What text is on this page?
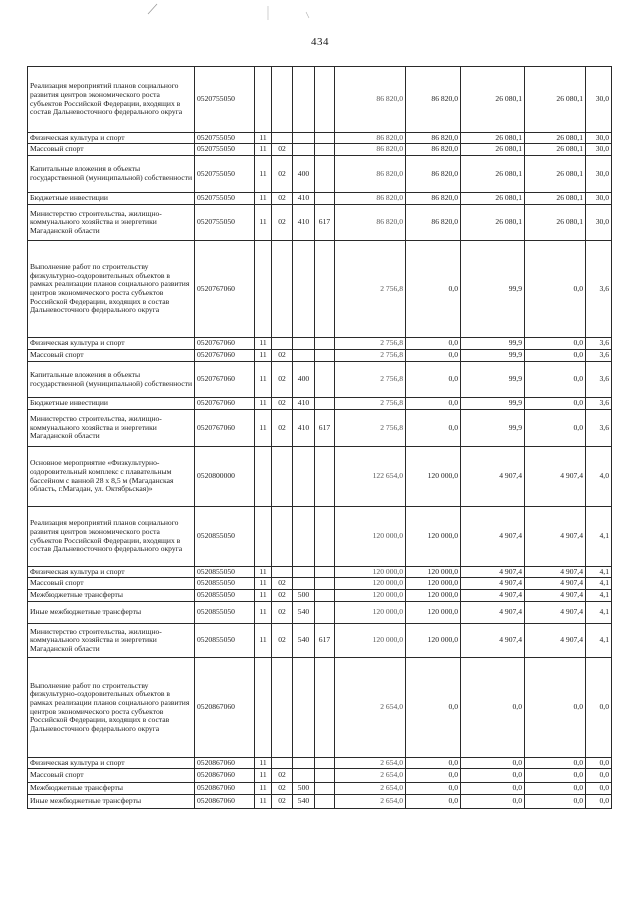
434
Реализация мероприятий планов социального развития центров экономического роста субъектов Российской Федерации, входящих в состав Дальневосточного федерального округа	0520755050					86 820,0	86 820,0	26 080,1	26 080,1	30,0
Физическая культура и спорт	0520755050	11				86 820,0	86 820,0	26 080,1	26 080,1	30,0
Массовый спорт	0520755050	11	02			86 820,0	86 820,0	26 080,1	26 080,1	30,0
Капитальные вложения в объекты государственной (муниципальной) собственности	0520755050	11	02	400		86 820,0	86 820,0	26 080,1	26 080,1	30,0
Бюджетные инвестиции	0520755050	11	02	410		86 820,0	86 820,0	26 080,1	26 080,1	30,0
Министерство строительства, жилищно-коммунального хозяйства и энергетики Магаданской области	0520755050	11	02	410	617	86 820,0	86 820,0	26 080,1	26 080,1	30,0
Выполнение работ по строительству физкультурно-оздоровительных объектов в рамках реализации планов социального развития центров экономического роста субъектов Российской Федерации, входящих в состав Дальневосточного федерального округа	0520767060					2 756,8	0,0	99,9	0,0	3,6
Физическая культура и спорт	0520767060	11				2 756,8	0,0	99,9	0,0	3,6
Массовый спорт	0520767060	11	02			2 756,8	0,0	99,9	0,0	3,6
Капитальные вложения в объекты государственной (муниципальной) собственности	0520767060	11	02	400		2 756,8	0,0	99,9	0,0	3,6
Бюджетные инвестиции	0520767060	11	02	410		2 756,8	0,0	99,9	0,0	3,6
Министерство строительства, жилищно-коммунального хозяйства и энергетики Магаданской области	0520767060	11	02	410	617	2 756,8	0,0	99,9	0,0	3,6
Основное мероприятие «Физкультурно-оздоровительный комплекс с плавательным бассейном с ванной 28 х 8,5 м (Магаданская область, г.Магадан, ул. Октябрьская)»	0520800000					122 654,0	120 000,0	4 907,4	4 907,4	4,0
Реализация мероприятий планов социального развития центров экономического роста субъектов Российской Федерации, входящих в состав Дальневосточного федерального округа	0520855050					120 000,0	120 000,0	4 907,4	4 907,4	4,1
Физическая культура и спорт	0520855050	11				120 000,0	120 000,0	4 907,4	4 907,4	4,1
Массовый спорт	0520855050	11	02			120 000,0	120 000,0	4 907,4	4 907,4	4,1
Межбюджетные трансферты	0520855050	11	02	500		120 000,0	120 000,0	4 907,4	4 907,4	4,1
Иные межбюджетные трансферты	0520855050	11	02	540		120 000,0	120 000,0	4 907,4	4 907,4	4,1
Министерство строительства, жилищно-коммунального хозяйства и энергетики Магаданской области	0520855050	11	02	540	617	120 000,0	120 000,0	4 907,4	4 907,4	4,1
Выполнение работ по строительству физкультурно-оздоровительных объектов в рамках реализации планов социального развития центров экономического роста субъектов Российской Федерации, входящих в состав Дальневосточного федерального округа	0520867060					2 654,0	0,0	0,0	0,0	0,0
Физическая культура и спорт	0520867060	11				2 654,0	0,0	0,0	0,0	0,0
Массовый спорт	0520867060	11	02			2 654,0	0,0	0,0	0,0	0,0
Межбюджетные трансферты	0520867060	11	02	500		2 654,0	0,0	0,0	0,0	0,0
Иные межбюджетные трансферты	0520867060	11	02	540		2 654,0	0,0	0,0	0,0	0,0
